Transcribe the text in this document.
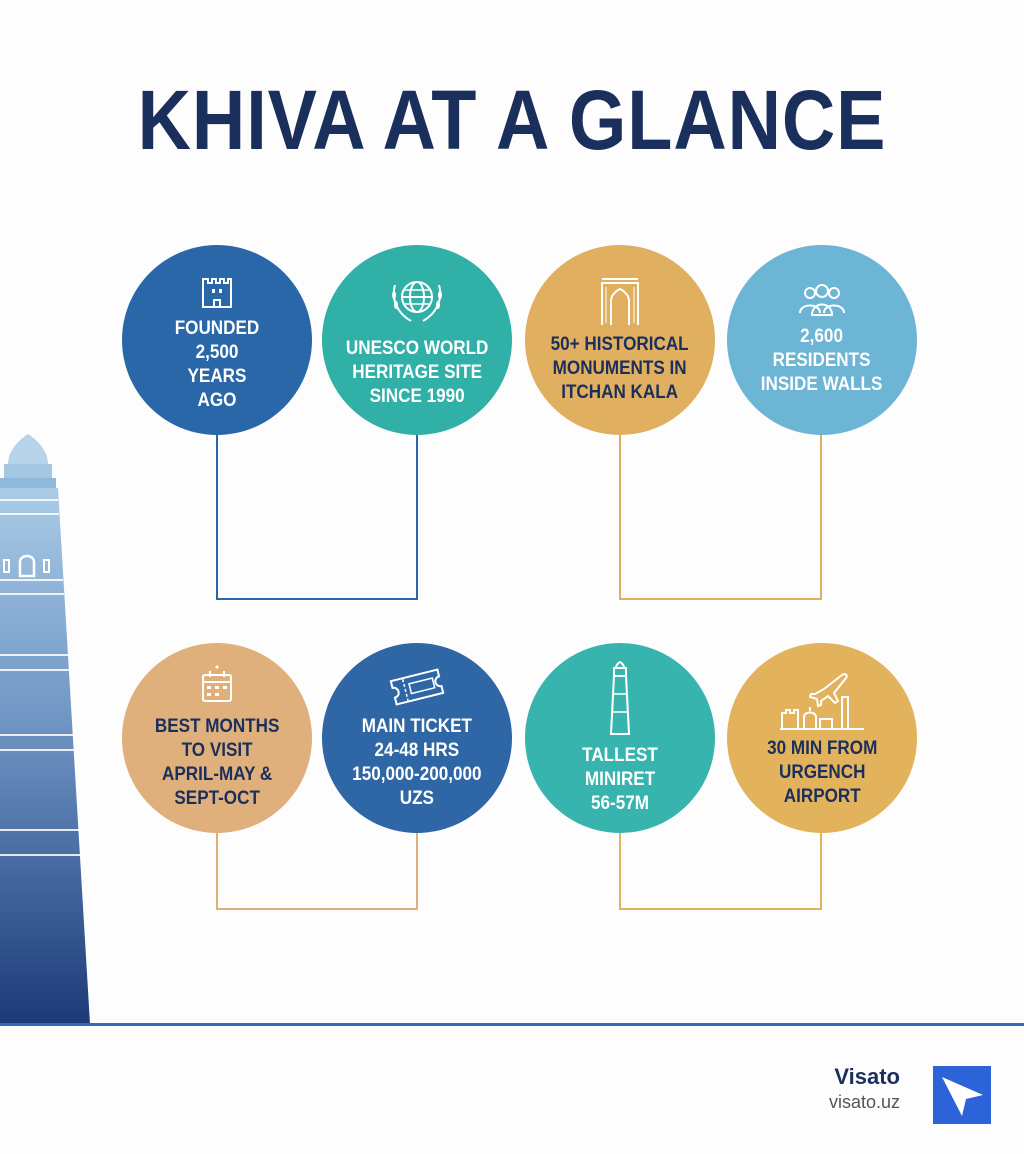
KHIVA AT A GLANCE
FOUNDED
2,500
YEARS
AGO
UNESCO WORLD
HERITAGE SITE
SINCE 1990
50+ HISTORICAL
MONUMENTS IN
ITCHAN KALA
2,600
RESIDENTS
INSIDE WALLS
BEST MONTHS
TO VISIT
APRIL-MAY &
SEPT-OCT
MAIN TICKET
24-48 HRS
150,000-200,000
UZS
TALLEST MINIRET
56-57M
30 MIN FROM
URGENCH
AIRPORT
Visato
visato.uz
